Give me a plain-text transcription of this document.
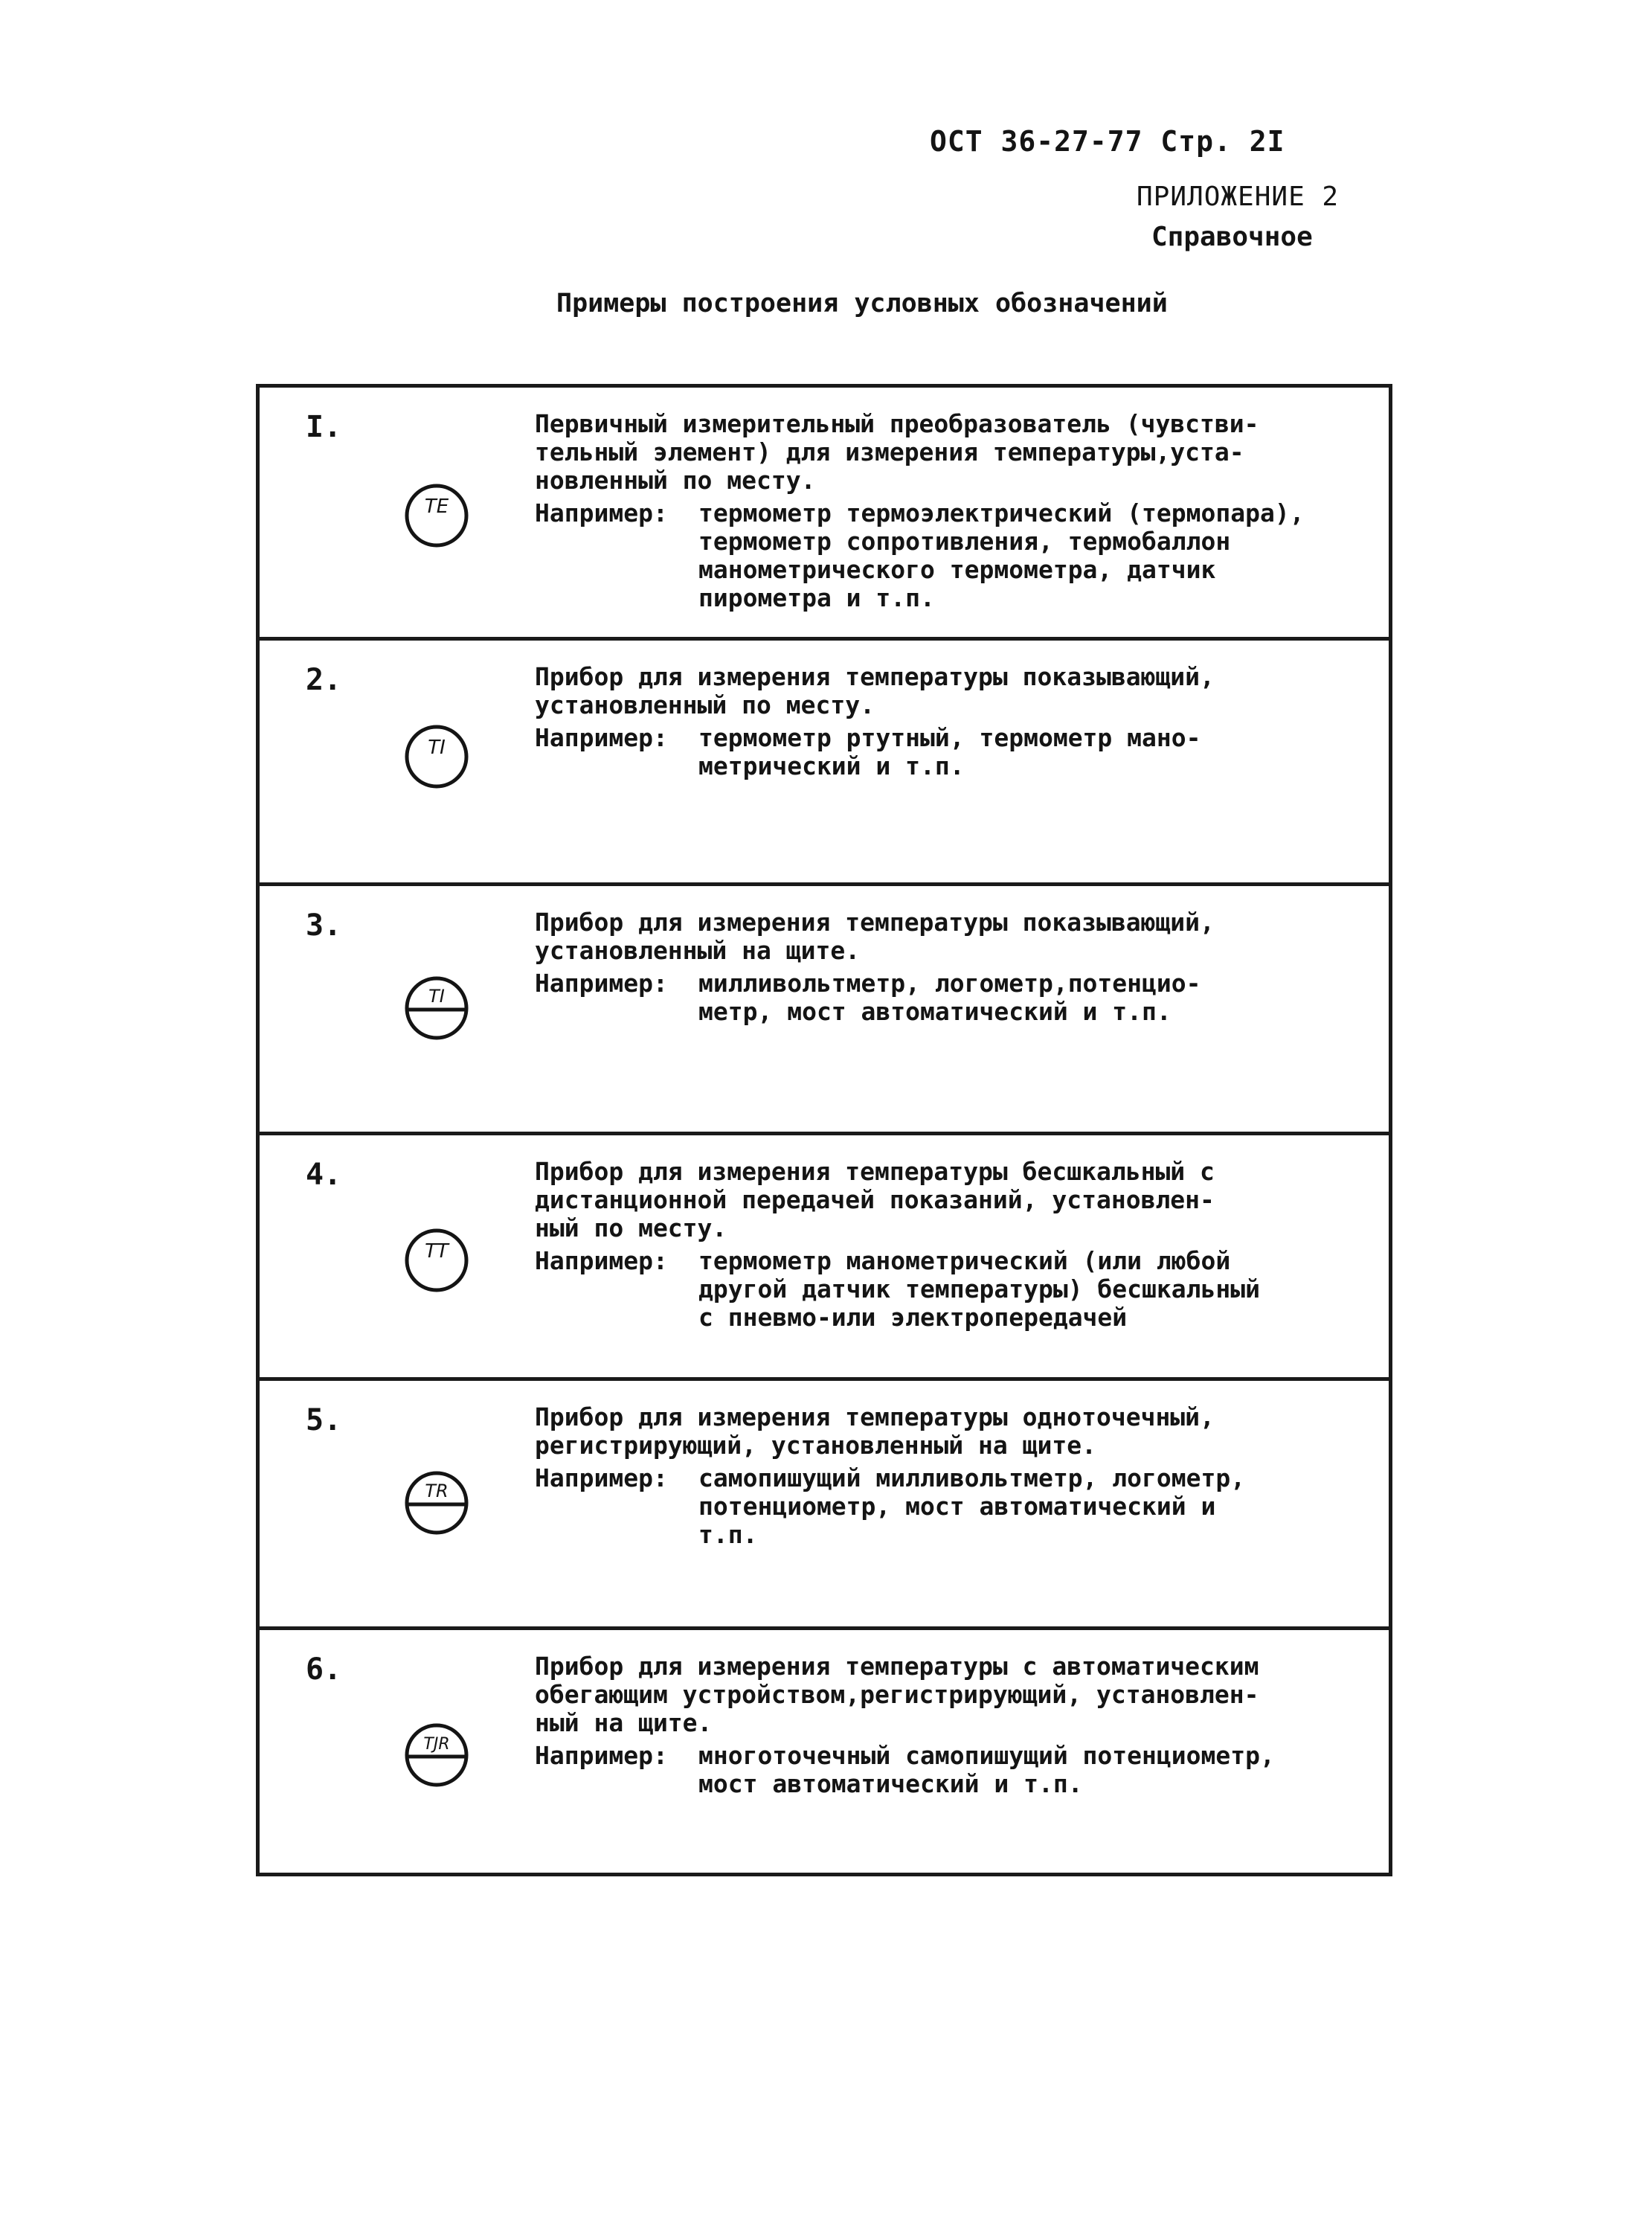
ОСТ 36-27-77 Стр. 2I
ПРИЛОЖЕНИЕ 2
Справочное
Примеры построения условных обозначений
I.
TE

Первичный измерительный преобразователь (чувстви-
тельный элемент) для измерения температуры,уста-
новленный по месту.

Например:	термометр термоэлектрический (термопара),
термометр сопротивления, термобаллон
манометрического термометра, датчик
пирометра и т.п.
2.
TI

Прибор для измерения температуры показывающий,
установленный по месту.

Например:	термометр ртутный, термометр мано-
метрический и т.п.
3.
TI

Прибор для измерения температуры показывающий,
установленный на щите.

Например:	милливольтметр, логометр,потенцио-
метр, мост автоматический и т.п.
4.
TT

Прибор для измерения температуры бесшкальный с
дистанционной передачей показаний, установлен-
ный по месту.

Например:	термометр манометрический (или любой
другой датчик температуры) бесшкальный
с пневмо-или электропередачей
5.
TR

Прибор для измерения температуры одноточечный,
регистрирующий, установленный на щите.

Например:	самопишущий милливольтметр, логометр,
потенциометр, мост автоматический и
т.п.
6.
TJR

Прибор для измерения температуры с автоматическим
обегающим устройством,регистрирующий, установлен-
ный на щите.

Например:	многоточечный самопишущий потенциометр,
мост автоматический и т.п.
